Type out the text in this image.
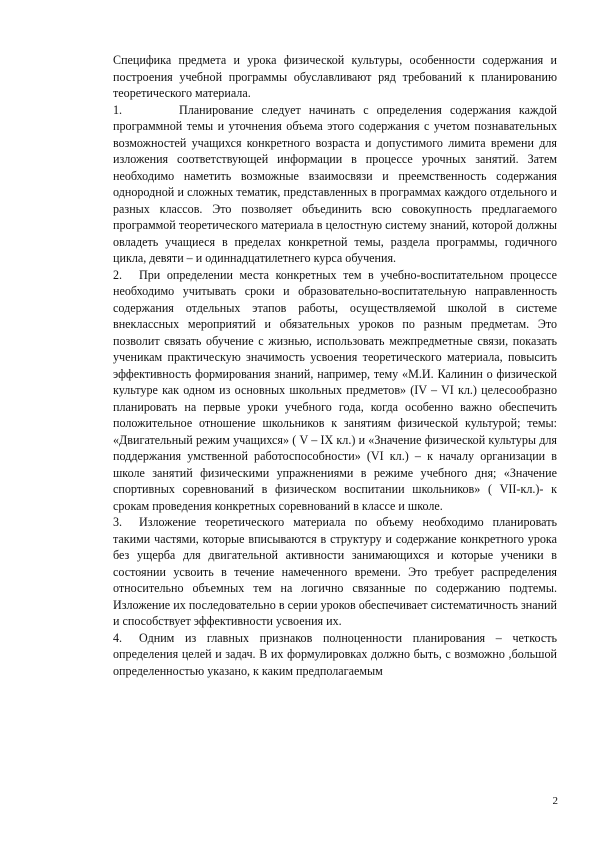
Специфика предмета и урока физической культуры, особенности содержания и построения учебной программы обуславливают ряд требований к планированию теоретического материала.

1.	Планирование следует начинать с определения содержания каждой программной темы и уточнения объема этого содержания с учетом познавательных возможностей учащихся конкретного возраста и допустимого лимита времени для изложения соответствующей информации в процессе урочных занятий. Затем необходимо наметить возможные взаимосвязи и преемственность содержания однородной и сложных тематик, представленных в программах каждого отдельного и разных классов. Это позволяет объединить всю совокупность предлагаемого программой теоретического материала в целостную систему знаний, которой должны овладеть учащиеся в пределах конкретной темы, раздела программы, годичного цикла, девяти – и одиннадцатилетнего курса обучения.

2. При определении места конкретных тем в учебно-воспитательном процессе необходимо учитывать сроки и образовательно-воспитательную направленность содержания отдельных этапов работы, осуществляемой школой в системе внеклассных мероприятий и обязательных уроков по разным предметам. Это позволит связать обучение с жизнью, использовать межпредметные связи, показать ученикам практическую значимость усвоения теоретического материала, повысить эффективность формирования знаний, например, тему «М.И. Калинин о физической культуре как одном из основных школьных предметов» (IV – VI кл.) целесообразно планировать на первые уроки учебного года, когда особенно важно обеспечить положительное отношение школьников к занятиям физической культурой; темы: «Двигательный режим учащихся» ( V – IX кл.) и «Значение физической культуры для поддержания умственной работоспособности» (VI кл.) – к началу организации в школе занятий физическими упражнениями в режиме учебного дня; «Значение спортивных соревнований в физическом воспитании школьников» ( VII-кл.)- к срокам проведения конкретных соревнований в классе и школе.

3. Изложение теоретического материала по объему необходимо планировать такими частями, которые вписываются в структуру и содержание конкретного урока без ущерба для двигательной активности занимающихся и которые ученики в состоянии усвоить в течение намеченного времени. Это требует распределения относительно объемных тем на логично связанные по содержанию подтемы. Изложение их последовательно в серии уроков обеспечивает систематичность знаний и способствует эффективности усвоения их.

4. Одним из главных признаков полноценности планирования – четкость определения целей и задач. В их формулировках должно быть, с возможно ,большой определенностью указано, к каким предполагаемым

2
